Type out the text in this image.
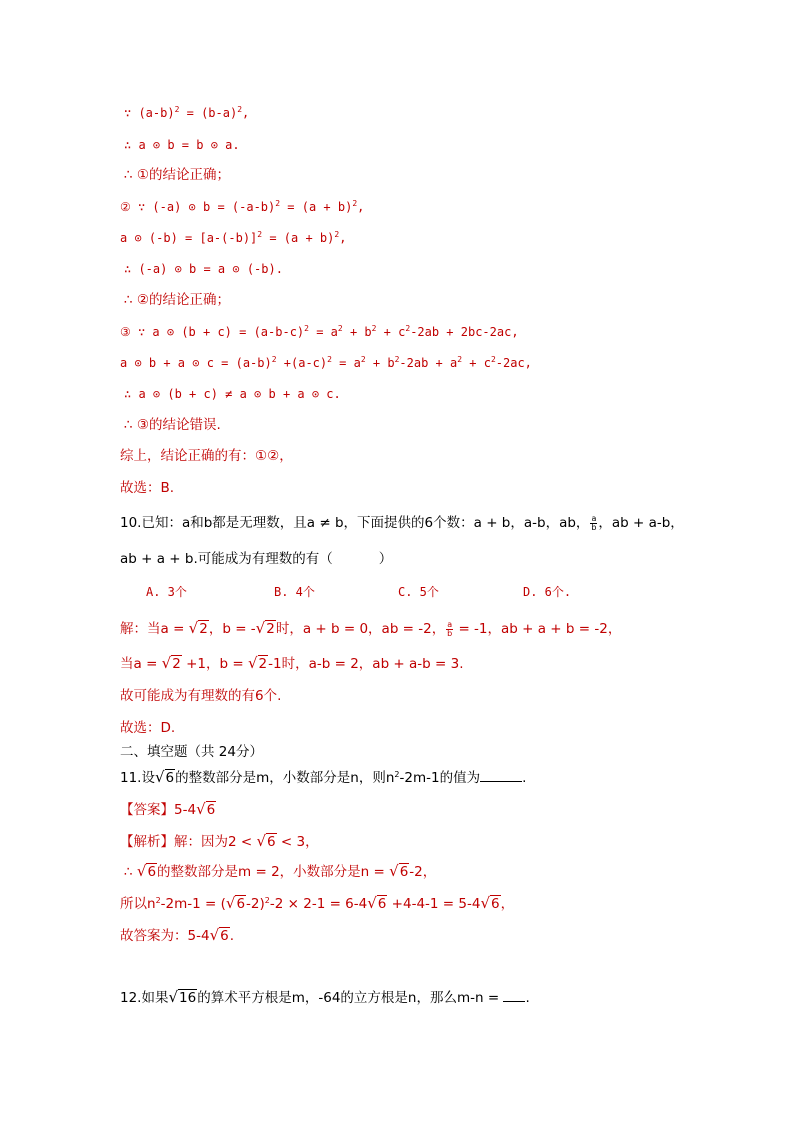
∵ $(a-b)^2 = (b-a)^2$,
∴ a ⊙ b = b ⊙ a.
∴ ①的结论正确；
② ∵ (-a) ⊙ $b = (-a-b)^2 = (a + b)^2$,
a ⊙ $(-b) = [a-(-b)]^2 = (a + b)^2$,
∴ (-a) ⊙ b = a ⊙ (-b).
∴ ②的结论正确；
③ ∵ a ⊙ $(b + c) = (a-b-c)^2 = a^2 + b^2 + c^2-2ab + 2bc-2ac$,
a ⊙ b + a ⊙ $c = (a-b)^2 +(a-c)^2 = a^2 + b^2-2ab + a^2 + c^2-2ac$,
∴ a ⊙ (b + c) ≠ a ⊙ b + a ⊙ c.
∴ ③的结论错误.
综上，结论正确的有：①②，
故选：B.
10.已知：a和b都是无理数，且a ≠ b，下面提供的6个数：a + b，a-b，ab， $\frac{a}{b}$ ，ab + a-b，
ab + a + b.可能成为有理数的有（	）
A. 3个	B. 4个	C. 5个	D. 6个.
解：当a = √2，b = -√2时，a + b = 0，ab = -2， $\frac{a}{b} = -1$，ab + a + b = -2，
当a = √2 +1，b = √2-1时，a-b = 2，ab + a-b = 3.
故可能成为有理数的有6个.
故选：D.
二、填空题（共 24分）
11.设√6的整数部分是m，小数部分是n，则$n^2-2m-1$的值为	.
【答案】5-4√6
【解析】解：因为2 < √6 < 3，
∴ √6的整数部分是m = 2，小数部分是n = √6-2，
所以$n^2-2m-1 = (√6-2)^2-2 \times 2-1 = 6-4√6 +4-4-1 = 5-4√6$，
故答案为：5-4√6.
12.如果√16的算术平方根是m，-64的立方根是n，那么m-n = .
